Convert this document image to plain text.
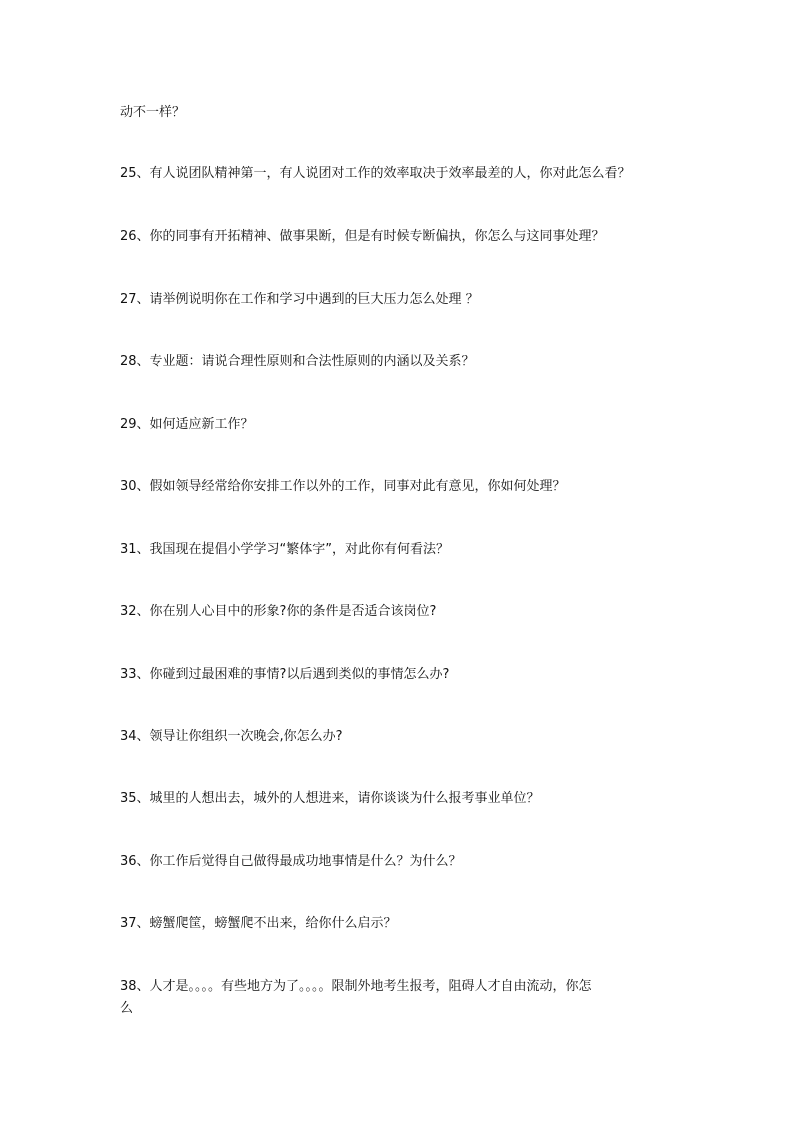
动不一样？
25、有人说团队精神第一，有人说团对工作的效率取决于效率最差的人，你对此怎么看？
26、你的同事有开拓精神、做事果断，但是有时候专断偏执，你怎么与这同事处理？
27、请举例说明你在工作和学习中遇到的巨大压力怎么处理 ？
28、专业题：请说合理性原则和合法性原则的内涵以及关系？
29、如何适应新工作？
30、假如领导经常给你安排工作以外的工作，同事对此有意见，你如何处理？
31、我国现在提倡小学学习“繁体字”，对此你有何看法？
32、你在别人心目中的形象?你的条件是否适合该岗位?
33、你碰到过最困难的事情?以后遇到类似的事情怎么办?
34、领导让你组织一次晚会,你怎么办?
35、城里的人想出去，城外的人想进来，请你谈谈为什么报考事业单位？
36、你工作后觉得自己做得最成功地事情是什么？为什么？
37、螃蟹爬筐，螃蟹爬不出来，给你什么启示？
38、人才是。。。。有些地方为了。。。。限制外地考生报考，阻碍人才自由流动，你怎
么
